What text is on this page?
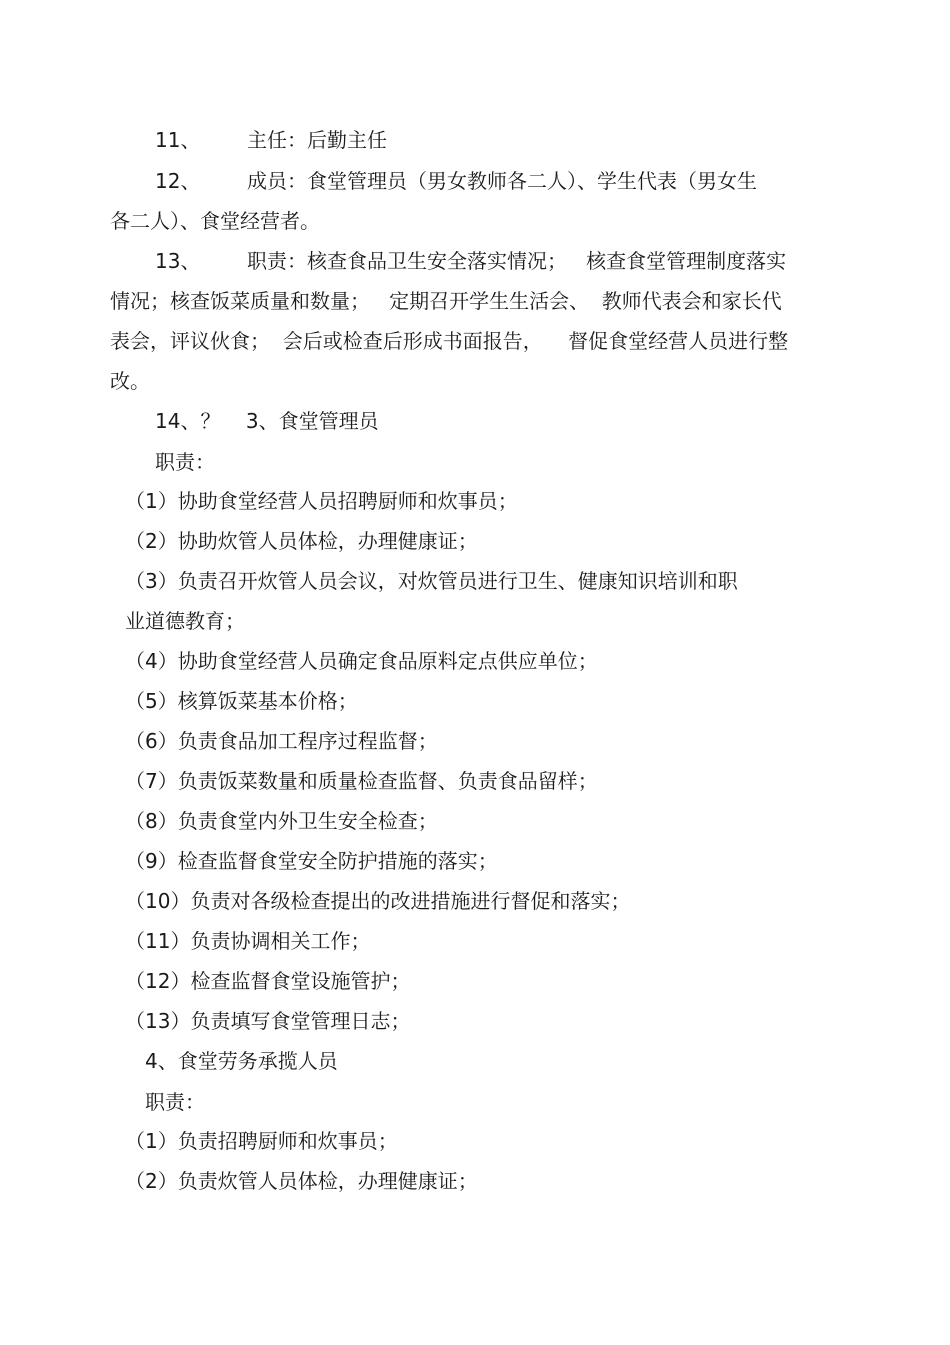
11、 主任：后勤主任
12、 成员：食堂管理员（男女教师各二人）、学生代表（男女生
各二人）、食堂经营者。
13、 职责：核查食品卫生安全落实情况；   核查食堂管理制度落实
情况；核查饭菜质量和数量；   定期召开学生生活会、  教师代表会和家长代
表会，评议伙食；  会后或检查后形成书面报告，    督促食堂经营人员进行整
改。
14、？    3、食堂管理员
职责：
（1）协助食堂经营人员招聘厨师和炊事员；
（2）协助炊管人员体检，办理健康证；
（3）负责召开炊管人员会议，对炊管员进行卫生、健康知识培训和职
业道德教育；
（4）协助食堂经营人员确定食品原料定点供应单位；
（5）核算饭菜基本价格；
（6）负责食品加工程序过程监督；
（7）负责饭菜数量和质量检查监督、负责食品留样；
（8）负责食堂内外卫生安全检查；
（9）检查监督食堂安全防护措施的落实；
（10）负责对各级检查提出的改进措施进行督促和落实；
（11）负责协调相关工作；
（12）检查监督食堂设施管护；
（13）负责填写食堂管理日志；
4、食堂劳务承揽人员
职责：
（1）负责招聘厨师和炊事员；
（2）负责炊管人员体检，办理健康证；
